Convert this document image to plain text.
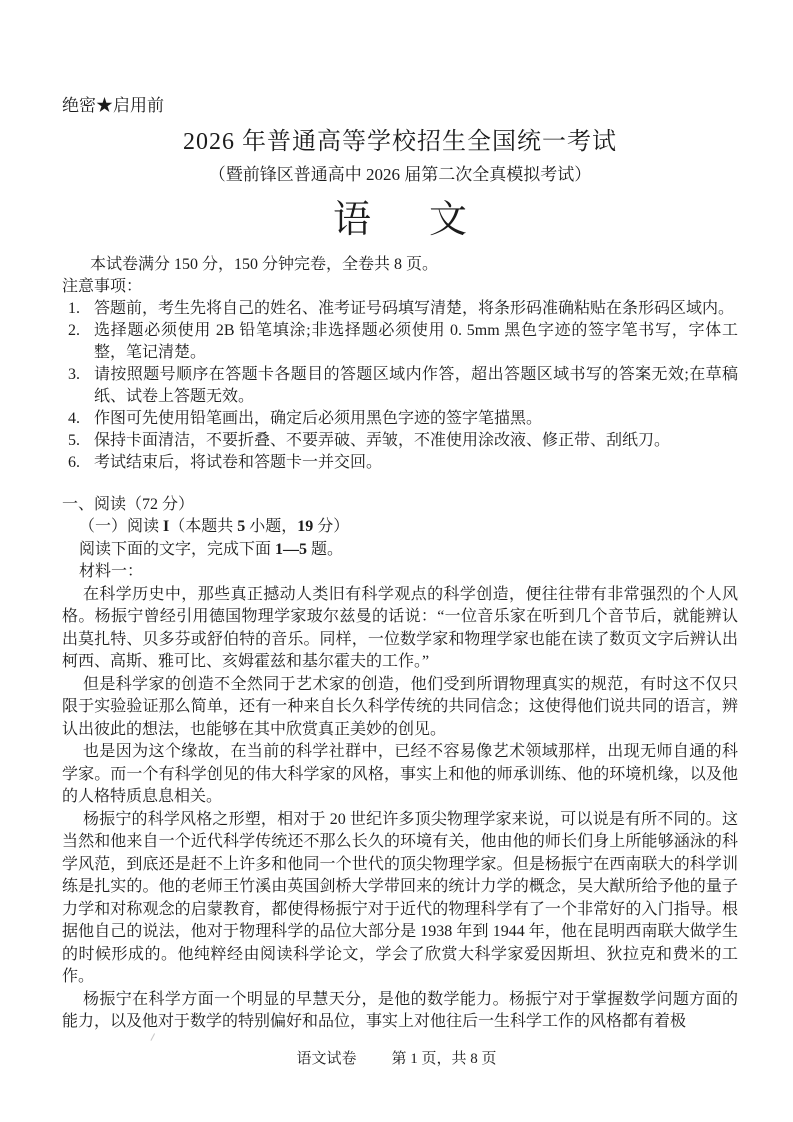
绝密★启用前
2026 年普通高等学校招生全国统一考试
（暨前锋区普通高中 2026 届第二次全真模拟考试）
语 文
本试卷满分 150 分，150 分钟完卷，全卷共 8 页。
注意事项：
1. 答题前，考生先将自己的姓名、准考证号码填写清楚，将条形码准确粘贴在条形码区域内。
2. 选择题必须使用 2B 铅笔填涂;非选择题必须使用 0. 5mm 黑色字迹的签字笔书写，字体工整，笔记清楚。
3. 请按照题号顺序在答题卡各题目的答题区域内作答，超出答题区域书写的答案无效;在草稿纸、试卷上答题无效。
4. 作图可先使用铅笔画出，确定后必须用黑色字迹的签字笔描黑。
5. 保持卡面清洁，不要折叠、不要弄破、弄皱，不准使用涂改液、修正带、刮纸刀。
6. 考试结束后，将试卷和答题卡一并交回。
一、阅读（72 分）
（一）阅读 I（本题共 5 小题，19 分）
阅读下面的文字，完成下面 1—5 题。
材料一：

在科学历史中，那些真正撼动人类旧有科学观点的科学创造，便往往带有非常强烈的个人风格。杨振宁曾经引用德国物理学家玻尔兹曼的话说：“一位音乐家在听到几个音节后，就能辨认出莫扎特、贝多芬或舒伯特的音乐。同样，一位数学家和物理学家也能在读了数页文字后辨认出柯西、高斯、雅可比、亥姆霍兹和基尔霍夫的工作。”

但是科学家的创造不全然同于艺术家的创造，他们受到所谓物理真实的规范，有时这不仅只限于实验验证那么简单，还有一种来自长久科学传统的共同信念；这使得他们说共同的语言，辨认出彼此的想法，也能够在其中欣赏真正美妙的创见。

也是因为这个缘故，在当前的科学社群中，已经不容易像艺术领域那样，出现无师自通的科学家。而一个有科学创见的伟大科学家的风格，事实上和他的师承训练、他的环境机缘，以及他的人格特质息息相关。

杨振宁的科学风格之形塑，相对于 20 世纪许多顶尖物理学家来说，可以说是有所不同的。这当然和他来自一个近代科学传统还不那么长久的环境有关，他由他的师长们身上所能够涵泳的科学风范，到底还是赶不上许多和他同一个世代的顶尖物理学家。但是杨振宁在西南联大的科学训练是扎实的。他的老师王竹溪由英国剑桥大学带回来的统计力学的概念，吴大猷所给予他的量子力学和对称观念的启蒙教育，都使得杨振宁对于近代的物理科学有了一个非常好的入门指导。根据他自己的说法，他对于物理科学的品位大部分是 1938 年到 1944 年，他在昆明西南联大做学生的时候形成的。他纯粹经由阅读科学论文，学会了欣赏大科学家爱因斯坦、狄拉克和费米的工作。

杨振宁在科学方面一个明显的早慧天分，是他的数学能力。杨振宁对于掌握数学问题方面的能力，以及他对于数学的特别偏好和品位，事实上对他往后一生科学工作的风格都有着极

语文试卷 第 1 页，共 8 页
